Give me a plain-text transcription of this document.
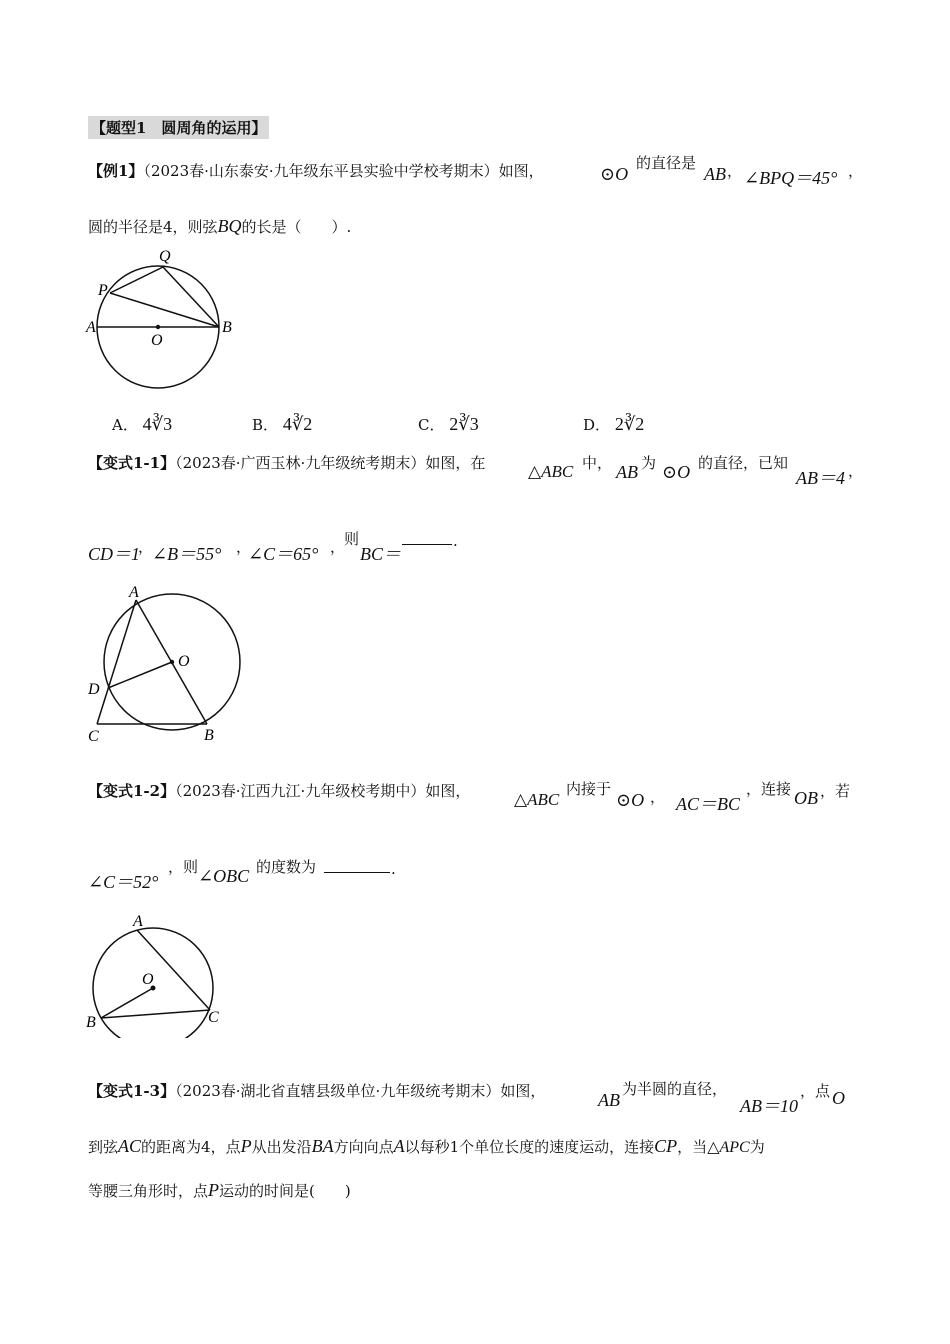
【题型1　圆周角的运用】
【例1】（2023春·山东泰安·九年级东平县实验中学校考期末）如图，	⊙O
的直径是
AB ， ∠BPQ＝45° ，
圆的半径是4，则弦BQ的长是（　　）.
Q
P
A	B
O
A． 4∛3	B． 4∛2	C． 2∛3	D． 2∛2
【变式1-1】（2023春·广西玉林·九年级统考期末）如图，在	△ABC 中， AB 为 ⊙O 的直径，已知
AB＝4 ，
CD＝1
，
∠B＝55° ，
∠C＝65° ，
则
BC＝
.
A
O
D
C	B
【变式1-2】（2023春·江西九江·九年级校考期中）如图，	△ABC
内接于
⊙O ， AC＝BC
，连接 OB ，若
∠C＝52°
，则 ∠OBC 的度数为	.
A
O
B	C
【变式1-3】（2023春·湖北省直辖县级单位·九年级统考期末）如图，	AB
为半圆的直径，
AB＝10
，点 O
到弦AC的距离为4，点P从出发沿BA方向向点A以每秒1个单位长度的速度运动，连接CP，当△APC为
等腰三角形时，点P运动的时间是(　　)
